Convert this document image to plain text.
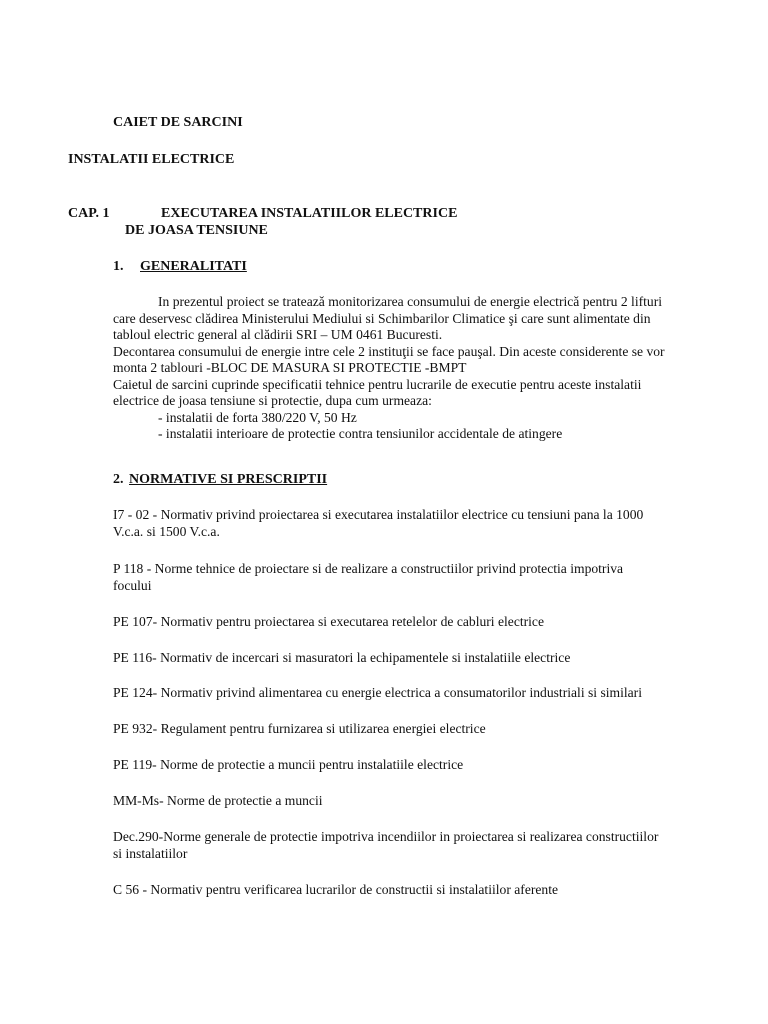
CAIET DE SARCINI
INSTALATII ELECTRICE
CAP. 1	EXECUTAREA INSTALATIILOR ELECTRICE
DE JOASA TENSIUNE
1. GENERALITATI
In prezentul proiect se trateazǎ monitorizarea consumului de energie electricǎ pentru 2 lifturi
care deservesc clădirea Ministerului Mediului si Schimbarilor Climatice şi care sunt alimentate din
tabloul electric general al clădirii SRI – UM 0461 Bucuresti.
Decontarea consumului de energie intre cele 2 instituţii se face pauşal. Din aceste considerente se vor
monta 2 tablouri -BLOC DE MASURA SI PROTECTIE -BMPT
Caietul de sarcini cuprinde specificatii tehnice pentru lucrarile de executie pentru aceste instalatii
electrice de joasa tensiune si protectie, dupa cum urmeaza:
- instalatii de forta 380/220 V, 50 Hz
- instalatii interioare de protectie contra tensiunilor accidentale de atingere
2. NORMATIVE SI PRESCRIPTII
I7 - 02 - Normativ privind proiectarea si executarea instalatiilor electrice cu tensiuni pana la 1000
V.c.a. si 1500 V.c.a.
P 118 - Norme tehnice de proiectare si de realizare a constructiilor privind protectia impotriva
focului
PE 107- Normativ pentru proiectarea si executarea retelelor de cabluri electrice
PE 116- Normativ de incercari si masuratori la echipamentele si instalatiile electrice
PE 124- Normativ privind alimentarea cu energie electrica a consumatorilor industriali si similari
PE 932- Regulament pentru furnizarea si utilizarea energiei electrice
PE 119- Norme de protectie a muncii pentru instalatiile electrice
MM-Ms- Norme de protectie a muncii
Dec.290-Norme generale de protectie impotriva incendiilor in proiectarea si realizarea constructiilor
si instalatiilor
C 56 - Normativ pentru verificarea lucrarilor de constructii si instalatiilor aferente
